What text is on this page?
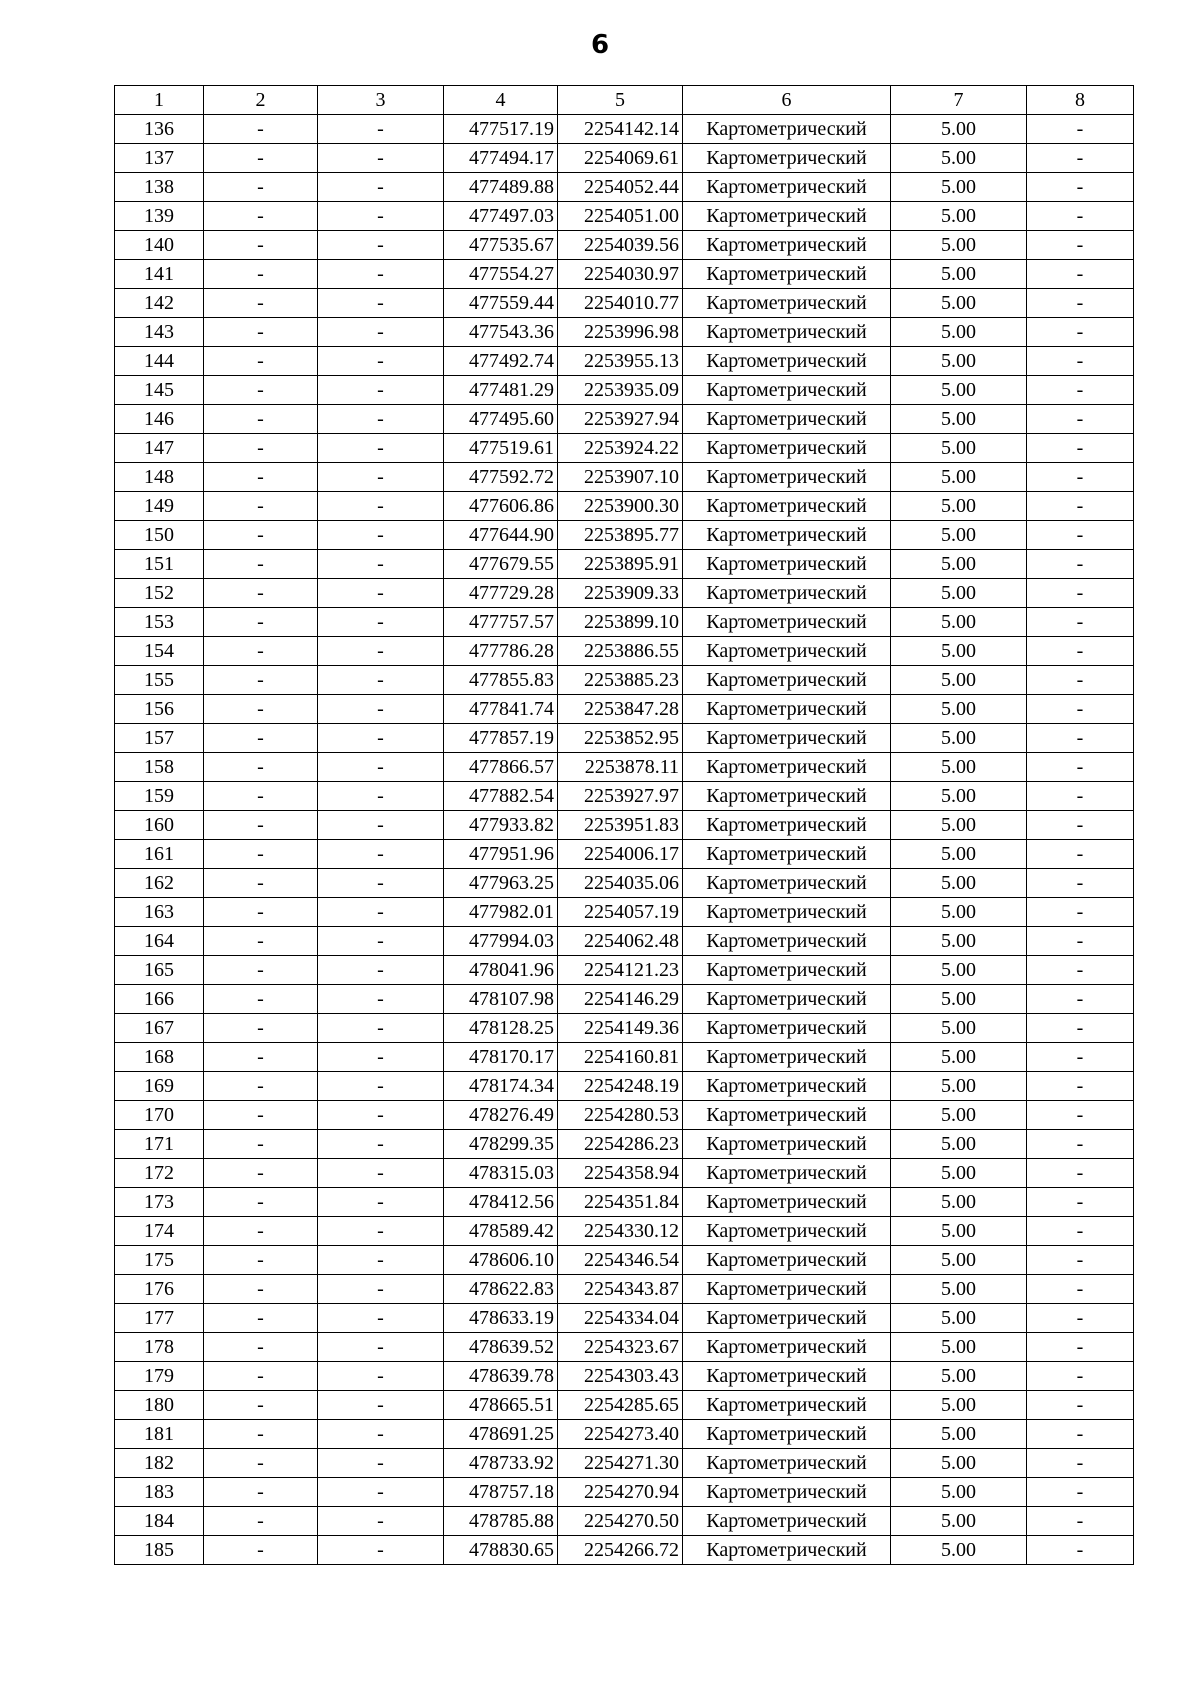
6
1	2	3	4	5	6	7	8
136	-	-	477517.19	2254142.14	Картометрический	5.00	-
137	-	-	477494.17	2254069.61	Картометрический	5.00	-
138	-	-	477489.88	2254052.44	Картометрический	5.00	-
139	-	-	477497.03	2254051.00	Картометрический	5.00	-
140	-	-	477535.67	2254039.56	Картометрический	5.00	-
141	-	-	477554.27	2254030.97	Картометрический	5.00	-
142	-	-	477559.44	2254010.77	Картометрический	5.00	-
143	-	-	477543.36	2253996.98	Картометрический	5.00	-
144	-	-	477492.74	2253955.13	Картометрический	5.00	-
145	-	-	477481.29	2253935.09	Картометрический	5.00	-
146	-	-	477495.60	2253927.94	Картометрический	5.00	-
147	-	-	477519.61	2253924.22	Картометрический	5.00	-
148	-	-	477592.72	2253907.10	Картометрический	5.00	-
149	-	-	477606.86	2253900.30	Картометрический	5.00	-
150	-	-	477644.90	2253895.77	Картометрический	5.00	-
151	-	-	477679.55	2253895.91	Картометрический	5.00	-
152	-	-	477729.28	2253909.33	Картометрический	5.00	-
153	-	-	477757.57	2253899.10	Картометрический	5.00	-
154	-	-	477786.28	2253886.55	Картометрический	5.00	-
155	-	-	477855.83	2253885.23	Картометрический	5.00	-
156	-	-	477841.74	2253847.28	Картометрический	5.00	-
157	-	-	477857.19	2253852.95	Картометрический	5.00	-
158	-	-	477866.57	2253878.11	Картометрический	5.00	-
159	-	-	477882.54	2253927.97	Картометрический	5.00	-
160	-	-	477933.82	2253951.83	Картометрический	5.00	-
161	-	-	477951.96	2254006.17	Картометрический	5.00	-
162	-	-	477963.25	2254035.06	Картометрический	5.00	-
163	-	-	477982.01	2254057.19	Картометрический	5.00	-
164	-	-	477994.03	2254062.48	Картометрический	5.00	-
165	-	-	478041.96	2254121.23	Картометрический	5.00	-
166	-	-	478107.98	2254146.29	Картометрический	5.00	-
167	-	-	478128.25	2254149.36	Картометрический	5.00	-
168	-	-	478170.17	2254160.81	Картометрический	5.00	-
169	-	-	478174.34	2254248.19	Картометрический	5.00	-
170	-	-	478276.49	2254280.53	Картометрический	5.00	-
171	-	-	478299.35	2254286.23	Картометрический	5.00	-
172	-	-	478315.03	2254358.94	Картометрический	5.00	-
173	-	-	478412.56	2254351.84	Картометрический	5.00	-
174	-	-	478589.42	2254330.12	Картометрический	5.00	-
175	-	-	478606.10	2254346.54	Картометрический	5.00	-
176	-	-	478622.83	2254343.87	Картометрический	5.00	-
177	-	-	478633.19	2254334.04	Картометрический	5.00	-
178	-	-	478639.52	2254323.67	Картометрический	5.00	-
179	-	-	478639.78	2254303.43	Картометрический	5.00	-
180	-	-	478665.51	2254285.65	Картометрический	5.00	-
181	-	-	478691.25	2254273.40	Картометрический	5.00	-
182	-	-	478733.92	2254271.30	Картометрический	5.00	-
183	-	-	478757.18	2254270.94	Картометрический	5.00	-
184	-	-	478785.88	2254270.50	Картометрический	5.00	-
185	-	-	478830.65	2254266.72	Картометрический	5.00	-
